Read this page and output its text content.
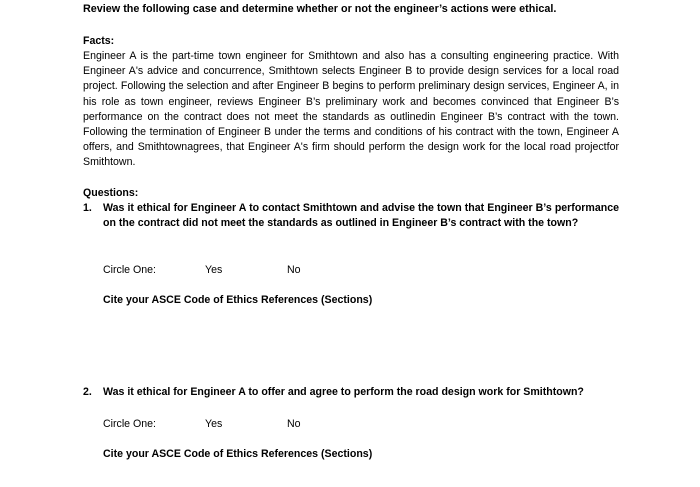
Review the following case and determine whether or not the engineer’s actions were ethical.
Facts:
Engineer A is the part-time town engineer for Smithtown and also has a consulting engineering practice. With Engineer A's advice and concurrence, Smithtown selects Engineer B to provide design services for a local road project. Following the selection and after Engineer B begins to perform preliminary design services, Engineer A, in his role as town engineer, reviews Engineer B’s preliminary work and becomes convinced that Engineer B’s performance on the contract does not meet the standards as outlinedin Engineer B’s contract with the town. Following the termination of Engineer B under the terms and conditions of his contract with the town, Engineer A offers, and Smithtownagrees, that Engineer A's firm should perform the design work for the local road projectfor Smithtown.
Questions:
1. Was it ethical for Engineer A to contact Smithtown and advise the town that Engineer B’s performance on the contract did not meet the standards as outlined in Engineer B’s contract with the town?
Circle One:	Yes	No
Cite your ASCE Code of Ethics References (Sections)
2. Was it ethical for Engineer A to offer and agree to perform the road design work for Smithtown?
Circle One:	Yes	No
Cite your ASCE Code of Ethics References (Sections)
